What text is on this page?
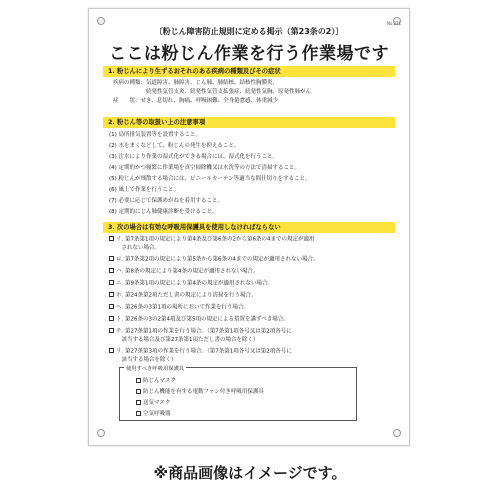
No.27L
〔粉じん障害防止規則に定める掲示（第23条の2）〕
ここは粉じん作業を行う作業場です
1. 粉じんにより生ずるおそれのある疾病の種類及びその症状
疾病の種類：気道障害、肺障害、じん肺、肺結核、結核性胸膜炎、
　　　　　　続発性気管支炎、続発性気管支拡張症、続発性気胸、原発性肺がん
症　　状：せき、息切れ、胸痛、呼吸困難、全身倦怠感、体重減少
2. 粉じん等の取扱い上の注意事項
(1) 局所排気装置等を設置すること。
(2) 水をまくなどして、粉じんの発生を抑えること。
(3) 注水により作業の湿式化ができる場合には、湿式化を行うこと。
(4) 定期的かつ頻繁に作業場を真空掃除機又は水洗等の方法で清掃すること。
(5) 粉じんが飛散する場合には、ビニールカーテン等適当な間仕切りをすること。
(6) 風上で作業を行うこと。
(7) 必要に応じて保護めがねを着用すること。
(8) 定期的にじん肺健康診断を受けること。
3. 次の場合は有効な呼吸用保護具を使用しなければならない
イ. 第7条第1項の規定により第4条及び第6条の2から第6条の4までの規定が適用
　されない場合。
ロ. 第7条第2項の規定により第5条から第6条の4までの規定が適用されない場合。
ハ. 第8条の規定により第4条の規定が適用されない場合。
ニ. 第9条第1項の規定により第4条の規定が適用されない場合。
ホ. 第24条第2項ただし書の規定により清掃を行う場合。
ヘ. 第26条の3第1項の場所において作業を行う場合。
ト. 第26条の3の2第4項及び第5項の規定による措置を講ずべき場合。
チ. 第27条第1項の作業を行う場合。（第7条第1項各号又は第2項各号に
　該当する場合及び第27条第1項ただし書の場合を除く）
リ. 第27条第3項の作業を行う場合。（第7条第1項各号又は第2項各号に
　該当する場合を除く）
使用すべき呼吸用保護具
防じんマスク
防じん機能を有する電動ファン付き呼吸用保護具
送気マスク
空気呼吸器
※商品画像はイメージです。
